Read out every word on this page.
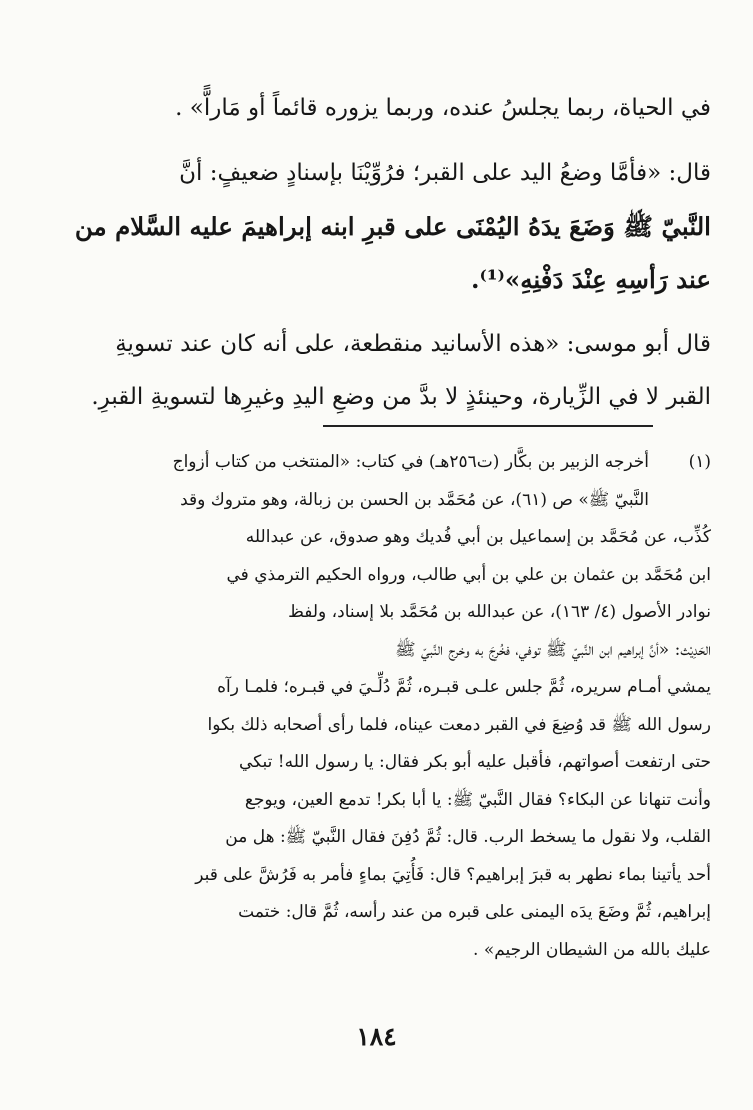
في الحياة، ربما يجلسُ عنده، وربما يزوره قائماً أو مَاراًّ» .
قال: «فأمَّا وضعُ اليد على القبر؛ فرُوِّيْنَا بإسنادٍ ضعيفٍ: أنَّ
النَّبيّ ﷺ وَضَعَ يدَهُ اليُمْنَى على قبرِ ابنه إبراهيمَ عليه السَّلام من
عند رَأسِهِ عِنْدَ دَفْنِهِ»⁽¹⁾.
قال أبو موسى: «هذه الأسانيد منقطعة، على أنه كان عند تسويةِ
القبر لا في الزِّيارة، وحينئذٍ لا بدَّ من وضعِ اليدِ وغيرِها لتسويةِ القبرِ.
(١)
أخرجه الزبير بن بكَّار (ت٢٥٦هـ) في كتاب: «المنتخب من كتاب أزواج
النَّبيّ ﷺ» ص (٦١)، عن مُحَمَّد بن الحسن بن زبالة، وهو متروك وقد
كُذِّب، عن مُحَمَّد بن إسماعيل بن أبي فُديك وهو صدوق، عن عبدالله
ابن مُحَمَّد بن عثمان بن علي بن أبي طالب، ورواه الحكيم الترمذي في
نوادر الأصول (٤/ ١٦٣)، عن عبدالله بن مُحَمَّد بلا إسناد، ولفظ
الحَدِيْث: «أنَّ إبراهيم ابن النَّبيّ ﷺ توفي، فخُرِجَ به وخرج النَّبيّ ﷺ
يمشي أمـام سريره، ثُمَّ جلس علـى قبـره، ثُمَّ دُلِّـيَ في قبـره؛ فلمـا رآه
رسول الله ﷺ قد وُضِعَ في القبر دمعت عيناه، فلما رأى أصحابه ذلك بكوا
حتى ارتفعت أصواتهم، فأقبل عليه أبو بكر فقال: يا رسول الله! تبكي
وأنت تنهانا عن البكاء؟ فقال النَّبيّ ﷺ: يا أبا بكر! تدمع العين، ويوجع
القلب، ولا نقول ما يسخط الرب. قال: ثُمَّ دُفِنَ فقال النَّبيّ ﷺ: هل من
أحد يأتينا بماء نطهر به قبرَ إبراهيم؟ قال: فَأُتِيَ بماءٍ فأمر به فَرُشَّ على قبر
إبراهيم، ثُمَّ وضَعَ يدَه اليمنى على قبره من عند رأسه، ثُمَّ قال: ختمت
عليك بالله من الشيطان الرجيم» .
١٨٤
